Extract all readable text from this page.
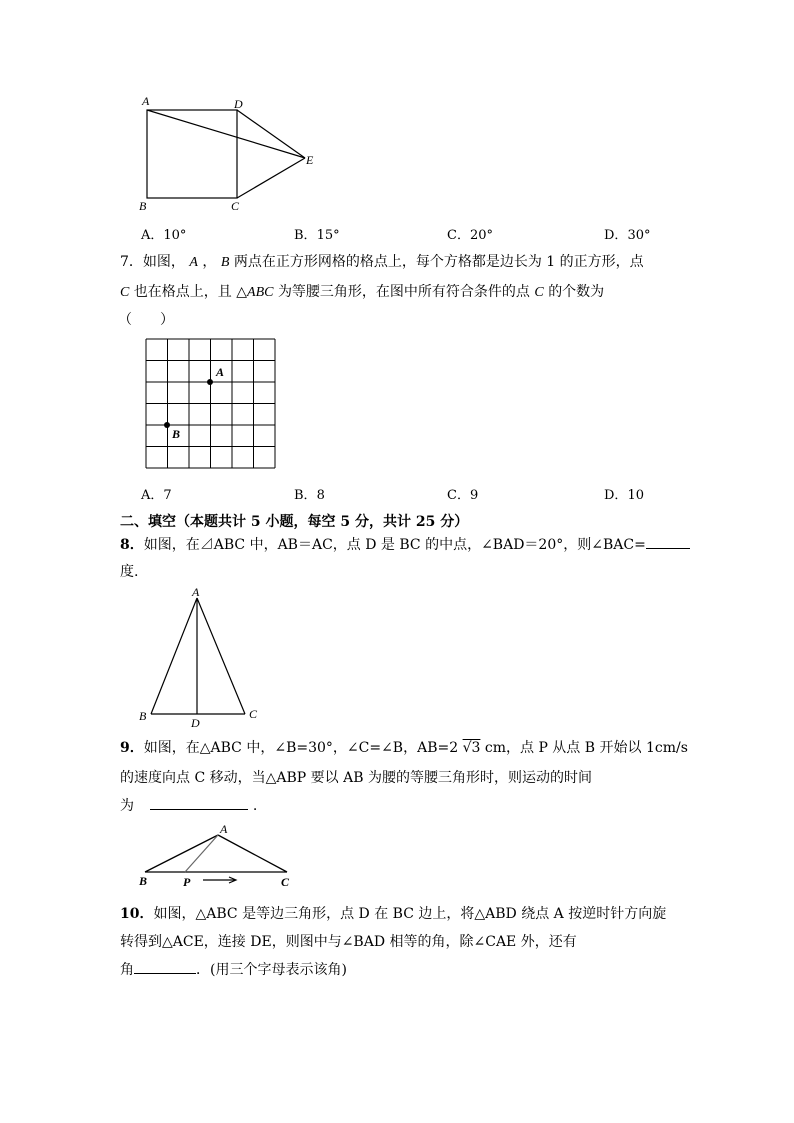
A	D
E
B	C
A．10°	B．15°	C．20°	D．30°
7．如图， A ， B 两点在正方形网格的格点上，每个方格都是边长为 1 的正方形，点
C 也在格点上，且 △ABC 为等腰三角形，在图中所有符合条件的点 C 的个数为
（　　）
A
B
A．7	B．8	C．9	D．10
二、填空（本题共计 5 小题，每空 5 分，共计 25 分）
8．如图，在⊿ABC 中，AB＝AC，点 D 是 BC 的中点，∠BAD＝20°，则∠BAC=
度.
A
B	C
D
9．如图，在△ABC 中，∠B=30°，∠C=∠B，AB=2 √3 cm，点 P 从点 B 开始以 1cm/s
的速度向点 C 移动，当△ABP 要以 AB 为腰的等腰三角形时，则运动的时间
为	.
A
B	P	C
10．如图，△ABC 是等边三角形，点 D 在 BC 边上，将△ABD 绕点 A 按逆时针方向旋
转得到△ACE，连接 DE，则图中与∠BAD 相等的角，除∠CAE 外，还有
角	．(用三个字母表示该角)
